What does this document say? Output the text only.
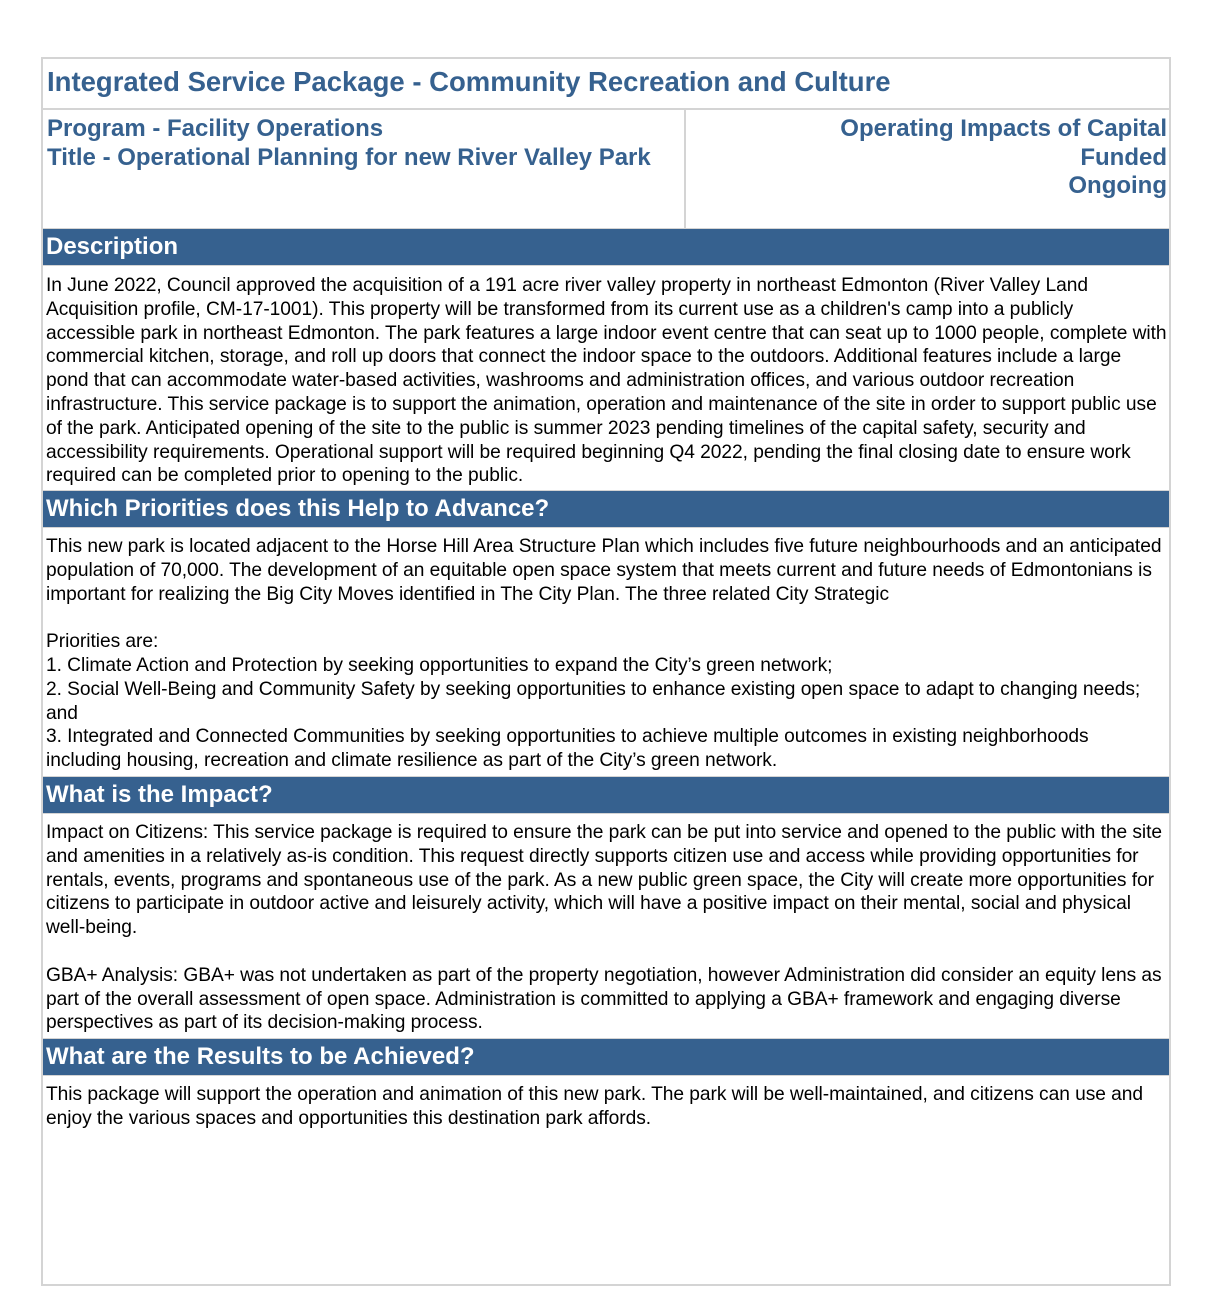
Integrated Service Package - Community Recreation and Culture
Program - Facility Operations
Title - Operational Planning for new River Valley Park
Operating Impacts of Capital
Funded
Ongoing
Description

In June 2022, Council approved the acquisition of a 191 acre river valley property in northeast Edmonton (River Valley Land Acquisition profile, CM-17-1001). This property will be transformed from its current use as a children's camp into a publicly accessible park in northeast Edmonton. The park features a large indoor event centre that can seat up to 1000 people, complete with commercial kitchen, storage, and roll up doors that connect the indoor space to the outdoors. Additional features include a large pond that can accommodate water-based activities, washrooms and administration offices, and various outdoor recreation infrastructure. This service package is to support the animation, operation and maintenance of the site in order to support public use of the park. Anticipated opening of the site to the public is summer 2023 pending timelines of the capital safety, security and accessibility requirements. Operational support will be required beginning Q4 2022, pending the final closing date to ensure work required can be completed prior to opening to the public.

Which Priorities does this Help to Advance?

This new park is located adjacent to the Horse Hill Area Structure Plan which includes five future neighbourhoods and an anticipated population of 70,000. The development of an equitable open space system that meets current and future needs of Edmontonians is important for realizing the Big City Moves identified in The City Plan. The three related City Strategic

Priorities are:

1. Climate Action and Protection by seeking opportunities to expand the City’s green network;

2. Social Well-Being and Community Safety by seeking opportunities to enhance existing open space to adapt to changing needs; and

3. Integrated and Connected Communities by seeking opportunities to achieve multiple outcomes in existing neighborhoods including housing, recreation and climate resilience as part of the City’s green network.

What is the Impact?

Impact on Citizens: This service package is required to ensure the park can be put into service and opened to the public with the site and amenities in a relatively as-is condition. This request directly supports citizen use and access while providing opportunities for rentals, events, programs and spontaneous use of the park. As a new public green space, the City will create more opportunities for citizens to participate in outdoor active and leisurely activity, which will have a positive impact on their mental, social and physical well-being.

GBA+ Analysis: GBA+ was not undertaken as part of the property negotiation, however Administration did consider an equity lens as part of the overall assessment of open space. Administration is committed to applying a GBA+ framework and engaging diverse perspectives as part of its decision-making process.

What are the Results to be Achieved?

This package will support the operation and animation of this new park. The park will be well-maintained, and citizens can use and enjoy the various spaces and opportunities this destination park affords.
